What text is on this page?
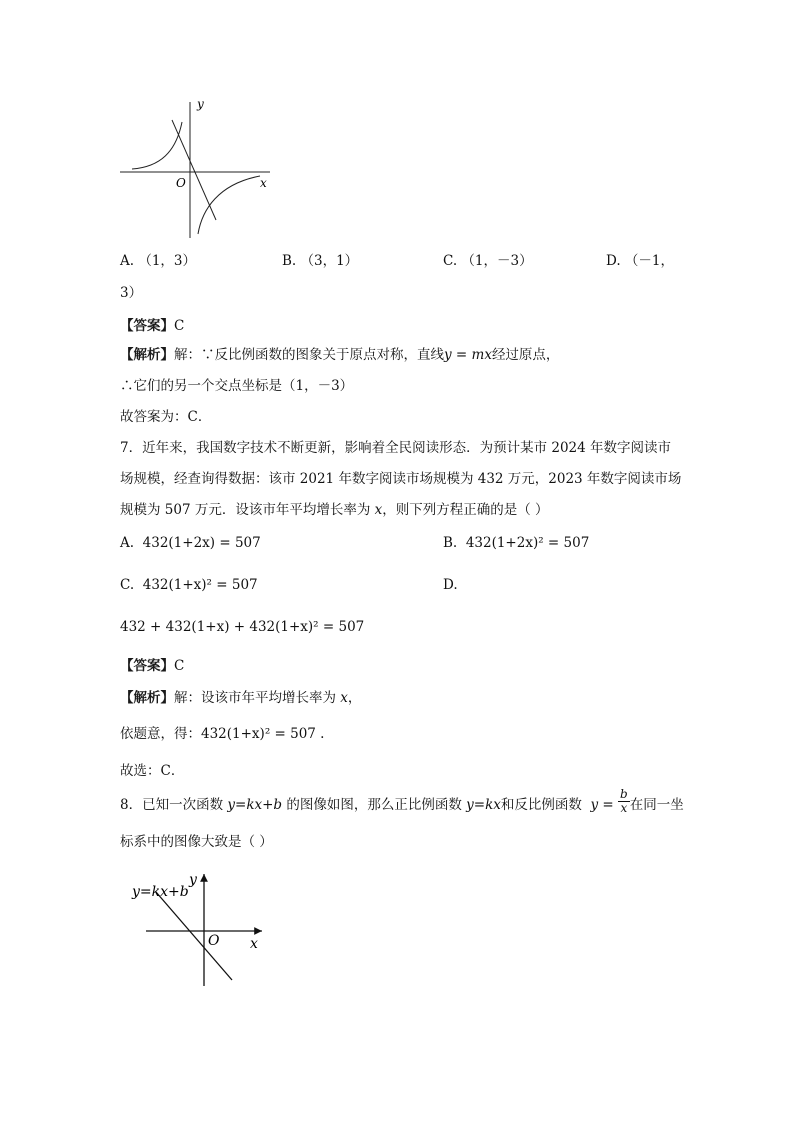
y
x
O
A. （1，3）	B. （3，1）	C. （1，－3）	D. （－1，
3）
【答案】C
【解析】解：∵反比例函数的图象关于原点对称，直线y = mx经过原点，
∴它们的另一个交点坐标是（1，－3）
故答案为：C．
7．近年来，我国数字技术不断更新，影响着全民阅读形态．为预计某市 2024 年数字阅读市
场规模，经查询得数据：该市 2021 年数字阅读市场规模为 432 万元，2023 年数字阅读市场
规模为 507 万元．设该市年平均增长率为 x，则下列方程正确的是（ ）
A. 432(1+2x) = 507	B. 432(1+2x)² = 507
C. 432(1+x)² = 507	D.
432 + 432(1+x) + 432(1+x)² = 507
【答案】C
【解析】解：设该市年平均增长率为 x，
依题意，得：432(1+x)² = 507 .
故选：C．
8．已知一次函数 y=kx+b 的图像如图，那么正比例函数 y=kx和反比例函数  $y = \frac{b}{x}$ 在同一坐
标系中的图像大致是（ ）
y=kx+b
y
x
O
